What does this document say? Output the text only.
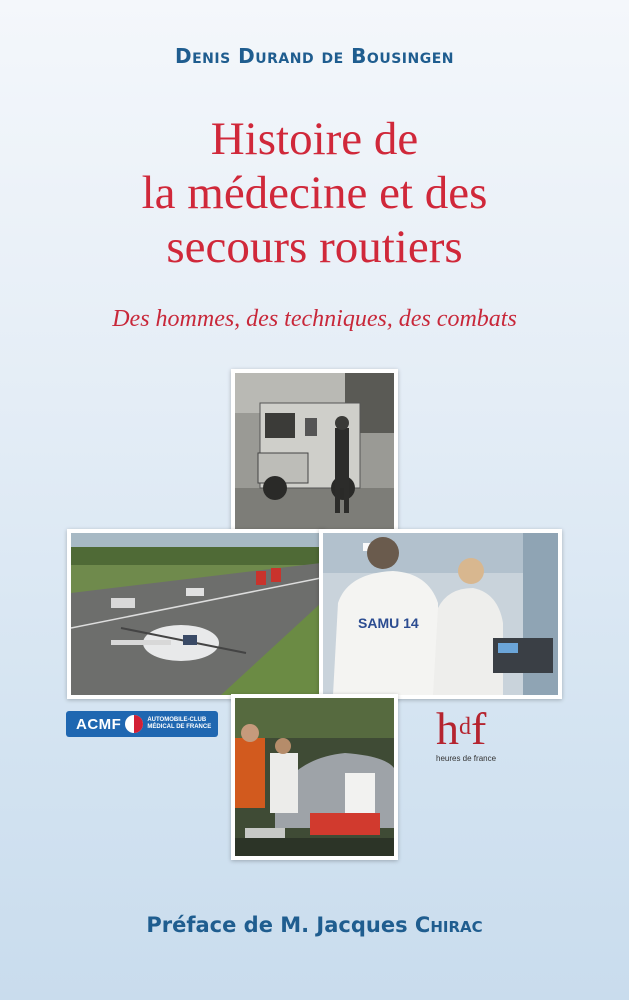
Denis Durand de Bousingen
Histoire de
la médecine et des
secours routiers
Des hommes, des techniques, des combats
SAMU 14
ACMF	AUTOMOBILE-CLUB
MÉDICAL DE FRANCE	$h^df$
heures de france
Préface de M. Jacques Chirac
